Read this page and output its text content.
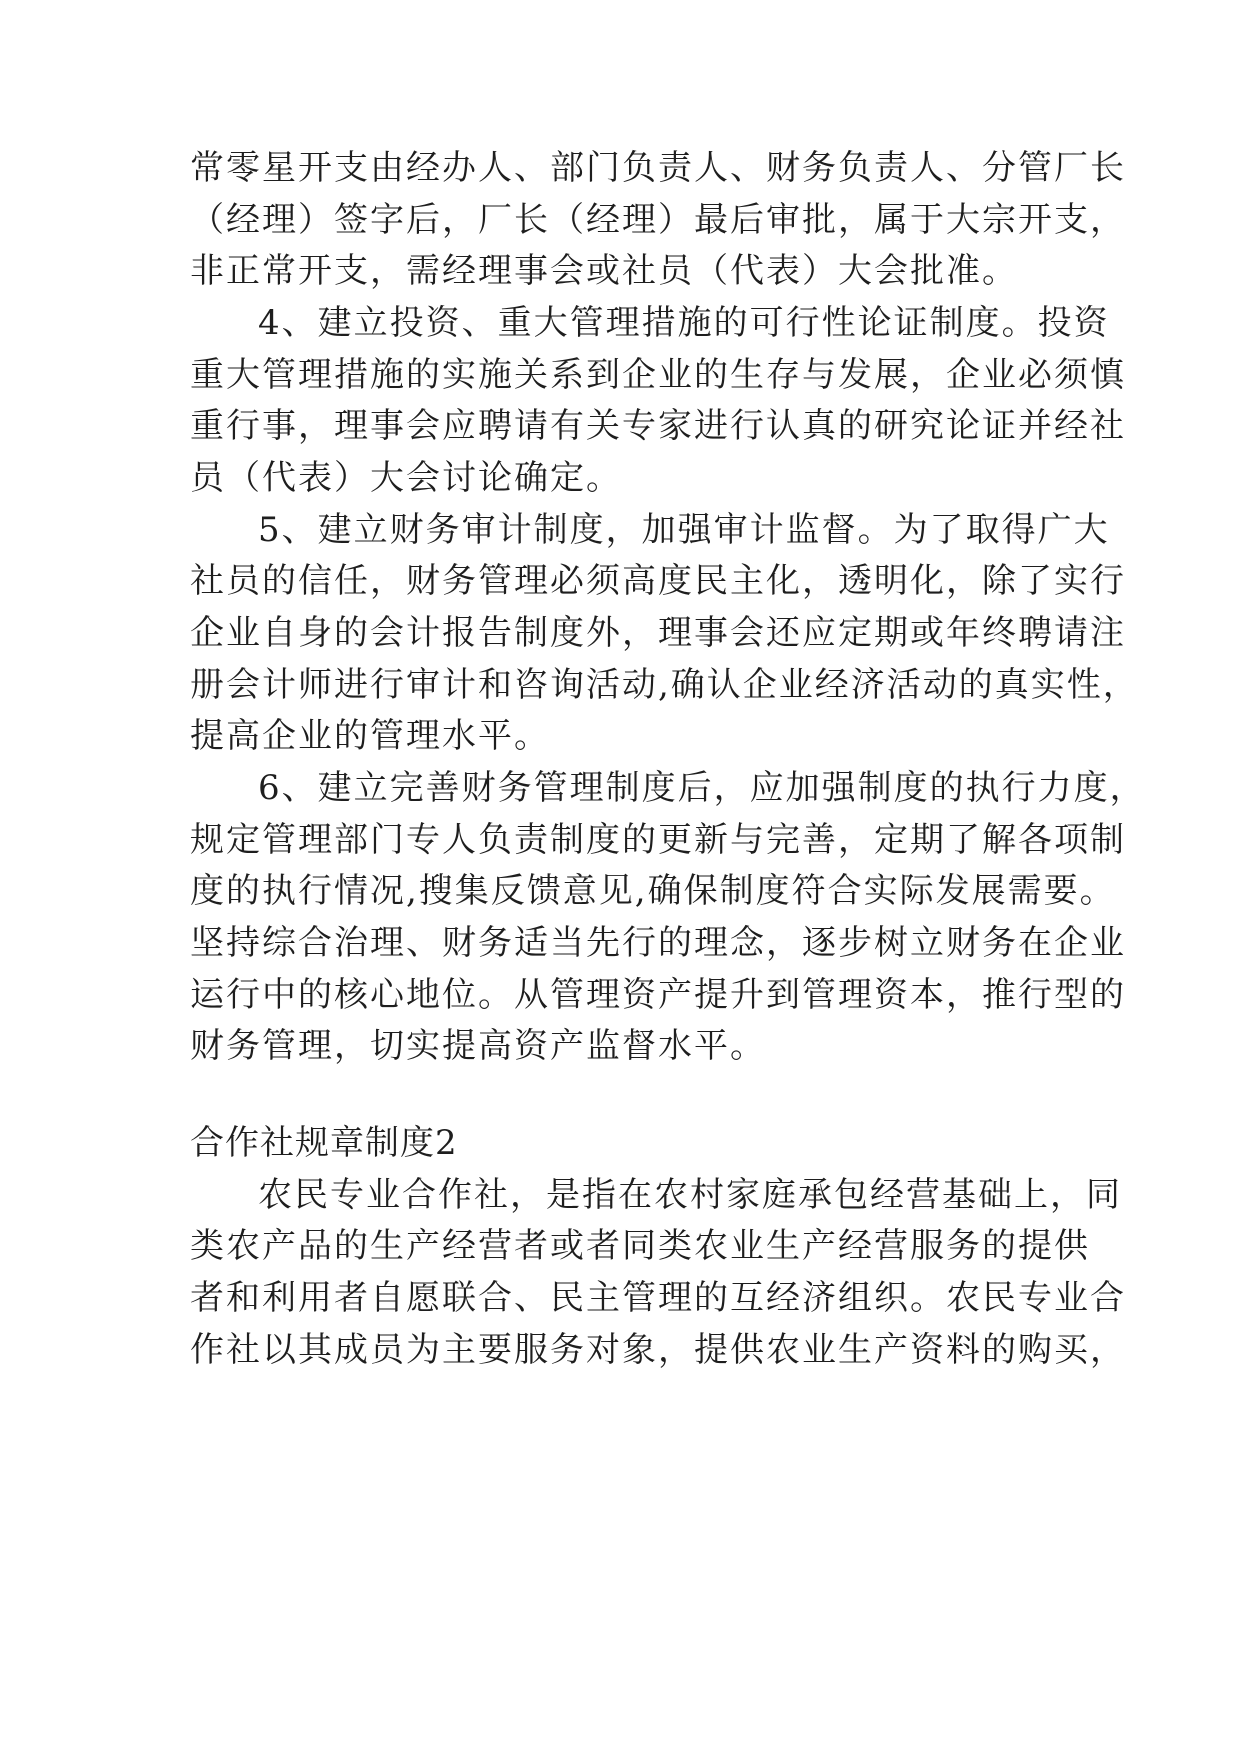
常零星开支由经办人、部门负责人、财务负责人、分管厂长

（经理）签字后，厂长（经理）最后审批，属于大宗开支，

非正常开支，需经理事会或社员（代表）大会批准。

4、建立投资、重大管理措施的可行性论证制度。投资

重大管理措施的实施关系到企业的生存与发展，企业必须慎

重行事，理事会应聘请有关专家进行认真的研究论证并经社

员（代表）大会讨论确定。

5、建立财务审计制度，加强审计监督。为了取得广大

社员的信任，财务管理必须高度民主化，透明化，除了实行

企业自身的会计报告制度外，理事会还应定期或年终聘请注

册会计师进行审计和咨询活动,确认企业经济活动的真实性，

提高企业的管理水平。

6、建立完善财务管理制度后，应加强制度的执行力度，

规定管理部门专人负责制度的更新与完善，定期了解各项制

度的执行情况,搜集反馈意见,确保制度符合实际发展需要。

坚持综合治理、财务适当先行的理念，逐步树立财务在企业

运行中的核心地位。从管理资产提升到管理资本，推行型的

财务管理，切实提高资产监督水平。

合作社规章制度2

农民专业合作社，是指在农村家庭承包经营基础上，同

类农产品的生产经营者或者同类农业生产经营服务的提供

者和利用者自愿联合、民主管理的互经济组织。农民专业合

作社以其成员为主要服务对象，提供农业生产资料的购买，
